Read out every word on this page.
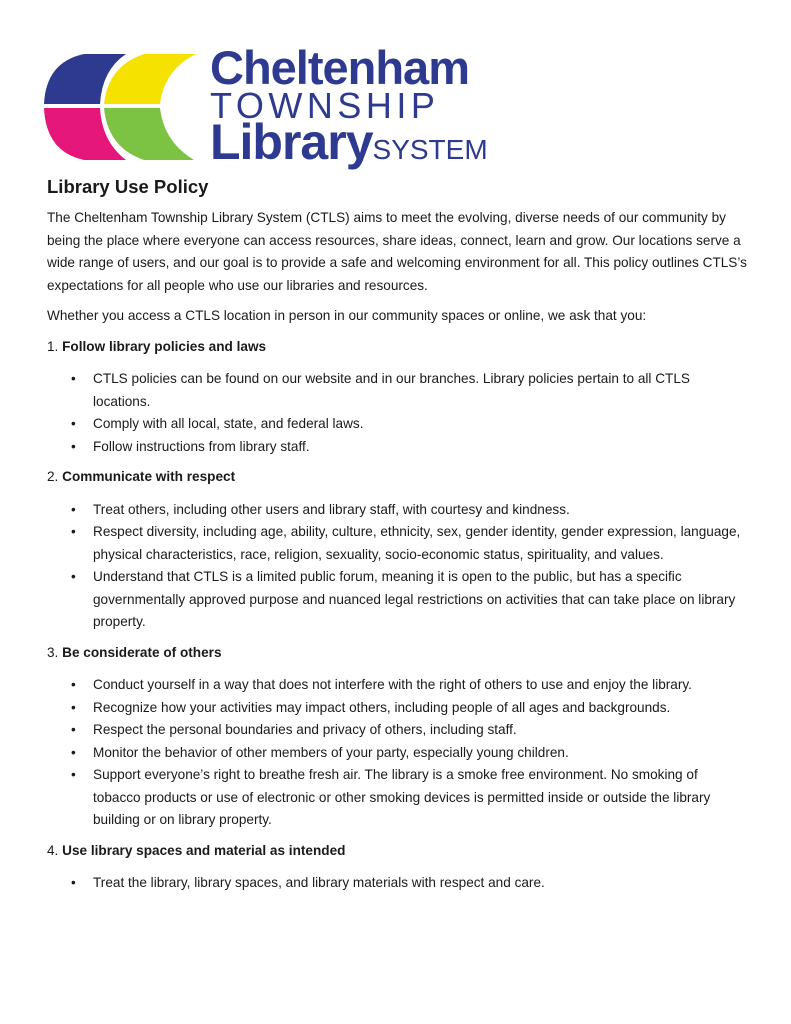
Cheltenham
TOWNSHIP
LibrarySYSTEM
Library Use Policy

The Cheltenham Township Library System (CTLS) aims to meet the evolving, diverse needs of our community by being the place where everyone can access resources, share ideas, connect, learn and grow. Our locations serve a wide range of users, and our goal is to provide a safe and welcoming environment for all. This policy outlines CTLS’s expectations for all people who use our libraries and resources.

Whether you access a CTLS location in person in our community spaces or online, we ask that you:

1. Follow library policies and laws
• CTLS policies can be found on our website and in our branches. Library policies pertain to all CTLS locations.
• Comply with all local, state, and federal laws.
• Follow instructions from library staff.
2. Communicate with respect
• Treat others, including other users and library staff, with courtesy and kindness.
• Respect diversity, including age, ability, culture, ethnicity, sex, gender identity, gender expression, language, physical characteristics, race, religion, sexuality, socio-economic status, spirituality, and values.
• Understand that CTLS is a limited public forum, meaning it is open to the public, but has a specific governmentally approved purpose and nuanced legal restrictions on activities that can take place on library property.
3. Be considerate of others
• Conduct yourself in a way that does not interfere with the right of others to use and enjoy the library.
• Recognize how your activities may impact others, including people of all ages and backgrounds.
• Respect the personal boundaries and privacy of others, including staff.
• Monitor the behavior of other members of your party, especially young children.
• Support everyone’s right to breathe fresh air. The library is a smoke free environment. No smoking of tobacco products or use of electronic or other smoking devices is permitted inside or outside the library building or on library property.
4. Use library spaces and material as intended
• Treat the library, library spaces, and library materials with respect and care.
